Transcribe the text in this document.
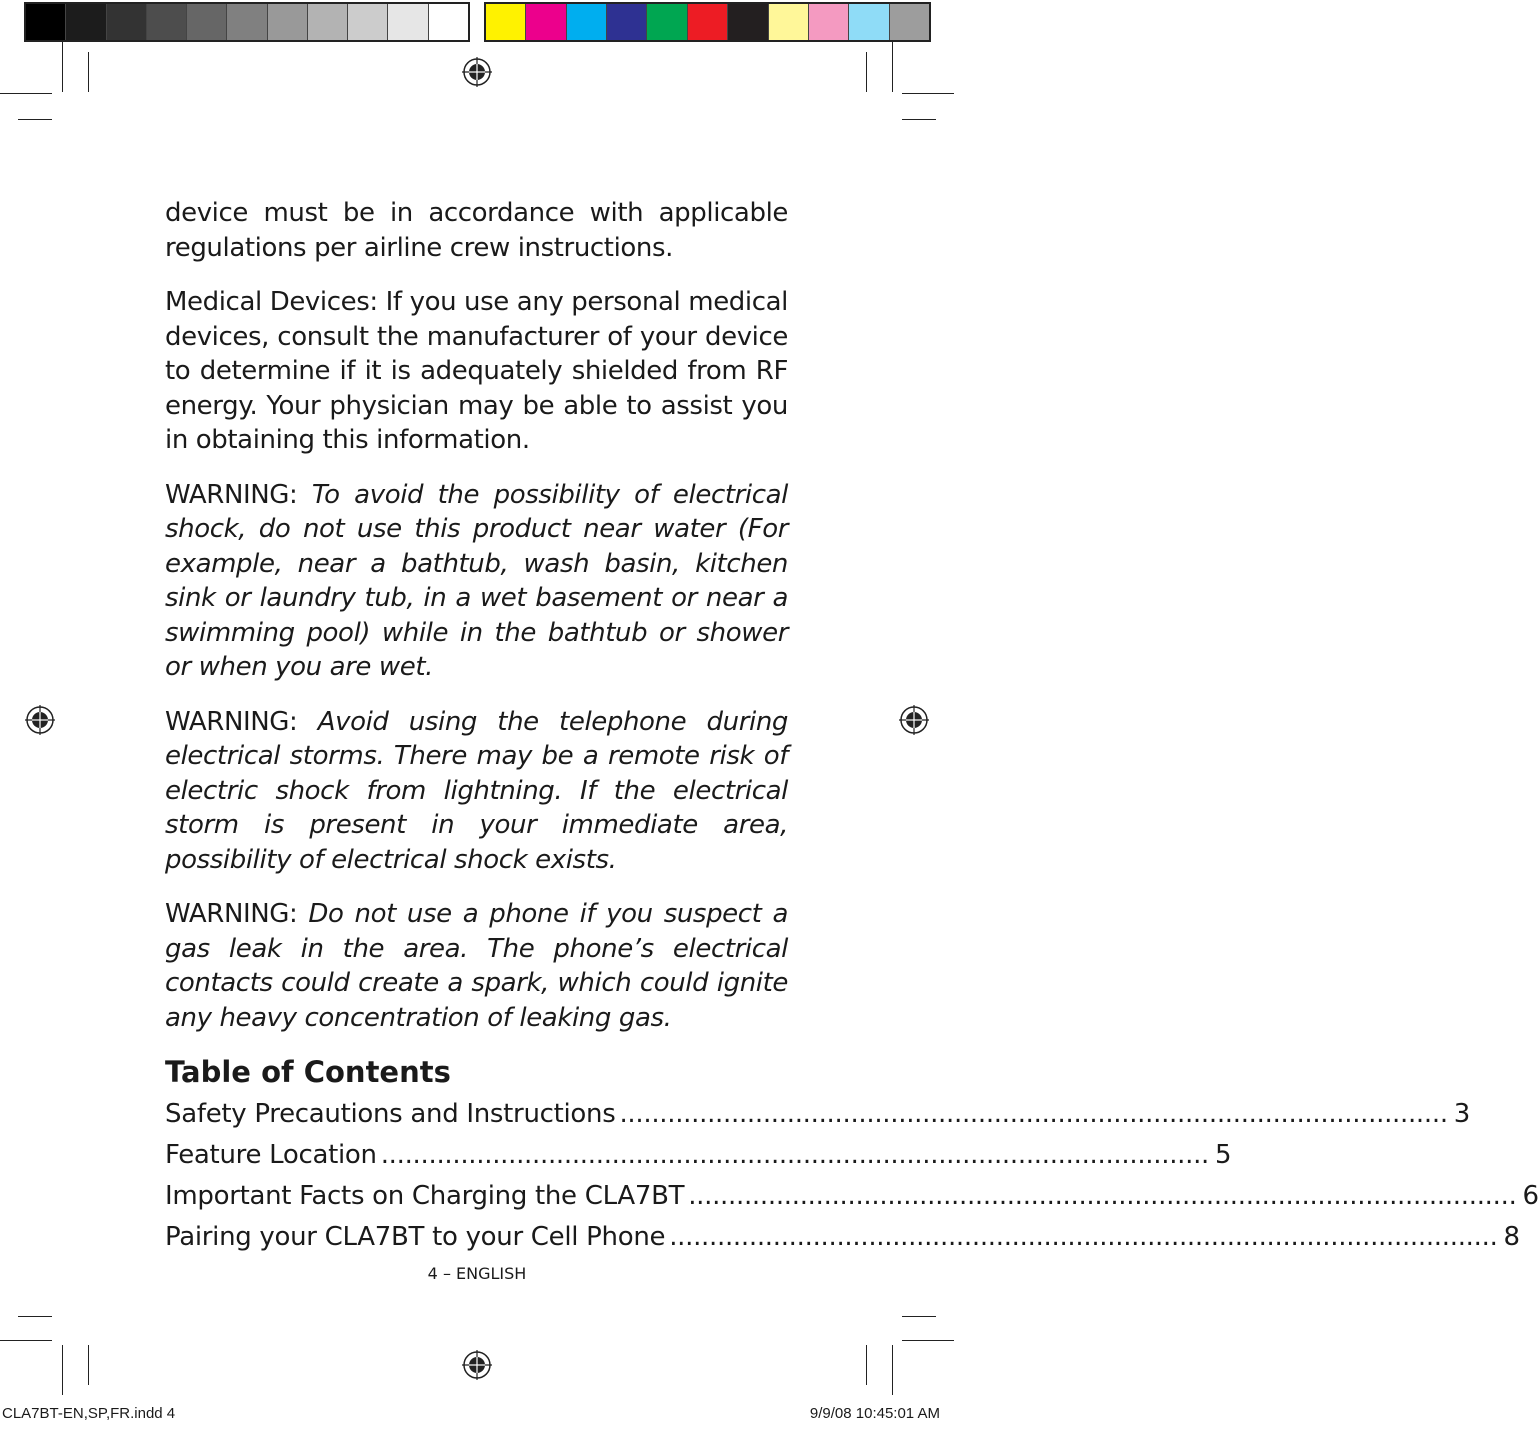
device must be in accordance with applicable regulations per airline crew instructions.

Medical Devices: If you use any personal medical devices, consult the manufacturer of your device to determine if it is adequately shielded from RF energy. Your physician may be able to assist you in obtaining this information.

WARNING: To avoid the possibility of electrical shock, do not use this product near water (For example, near a bathtub, wash basin, kitchen sink or laundry tub, in a wet basement or near a swimming pool) while in the bathtub or shower or when you are wet.

WARNING: Avoid using the telephone during electrical storms. There may be a remote risk of electric shock from lightning. If the electrical storm is present in your immediate area, possibility of electrical shock exists.

WARNING: Do not use a phone if you suspect a gas leak in the area. The phone’s electrical contacts could create a spark, which could ignite any heavy concentration of leaking gas.

Table of Contents
Safety Precautions and Instructions ........................................................................................................ 3
Feature Location ........................................................................................................ 5
Important Facts on Charging the CLA7BT ........................................................................................................ 6
Pairing your CLA7BT to your Cell Phone ........................................................................................................ 8
4 – ENGLISH
CLA7BT-EN,SP,FR.indd 4	9/9/08 10:45:01 AM
